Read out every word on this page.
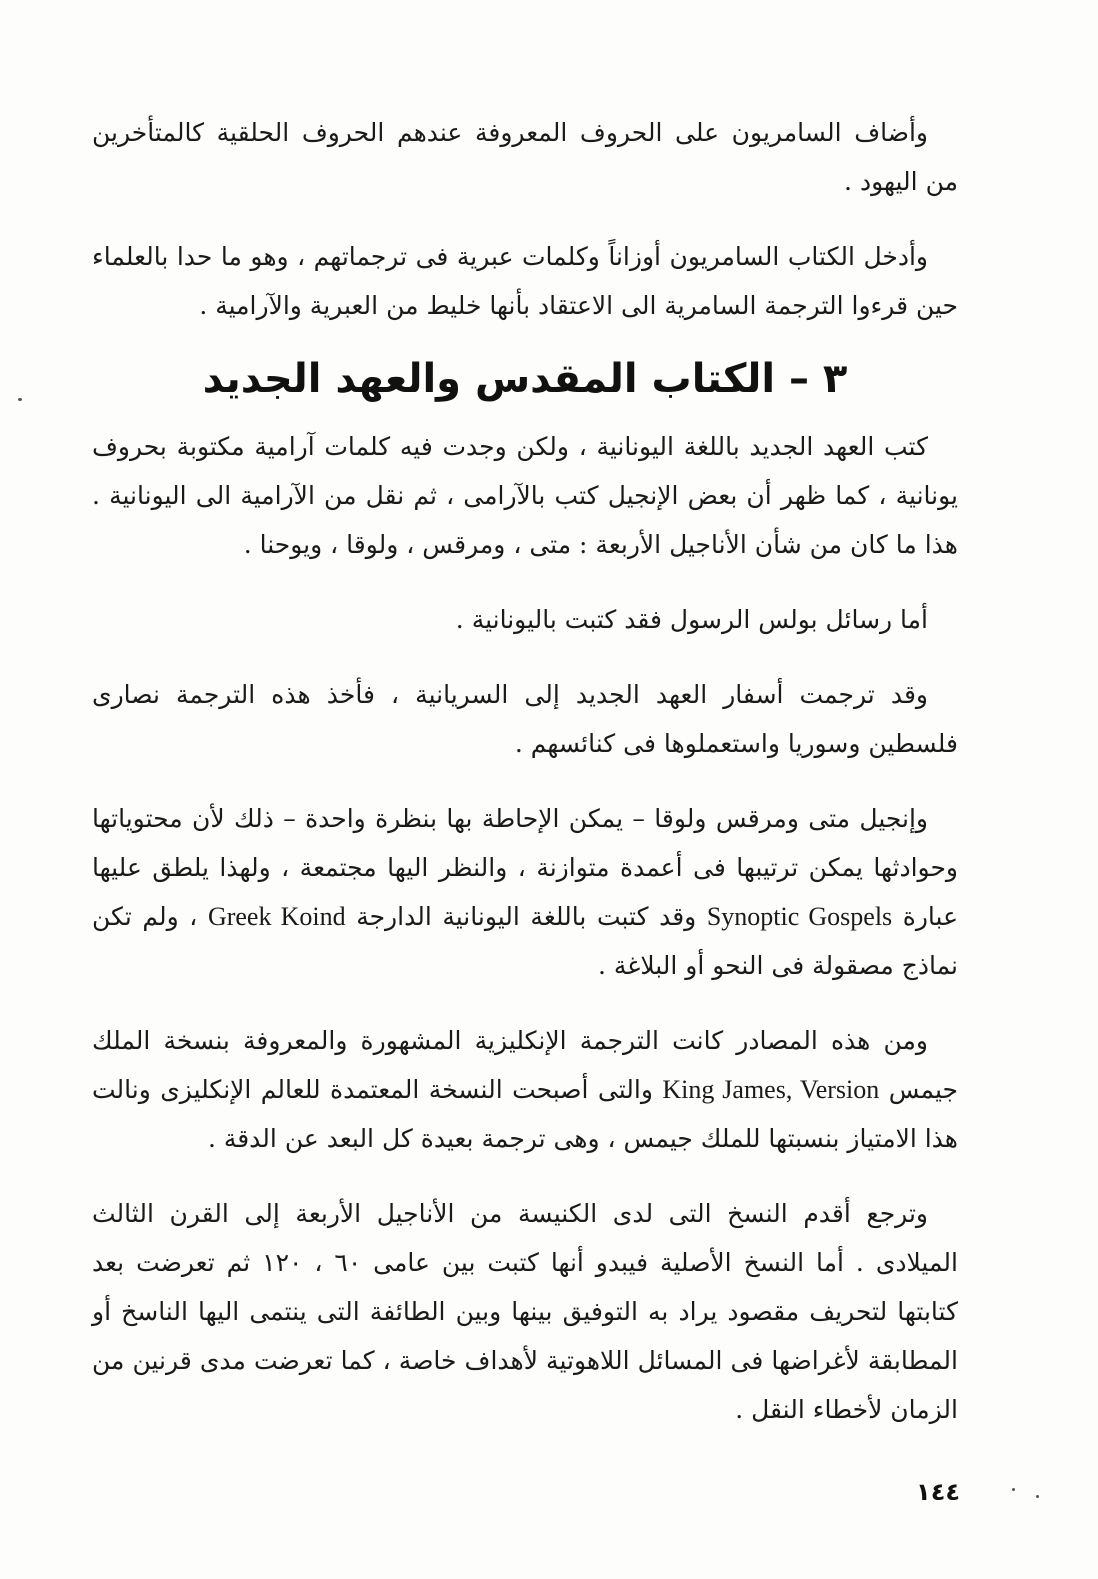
وأضاف السامريون على الحروف المعروفة عندهم الحروف الحلقية كالمتأخرين من اليهود .

وأدخل الكتاب السامريون أوزاناً وكلمات عبرية فى ترجماتهم ، وهو ما حدا بالعلماء حين قرءوا الترجمة السامرية الى الاعتقاد بأنها خليط من العبرية والآرامية .

٣ – الكتاب المقدس والعهد الجديد

كتب العهد الجديد باللغة اليونانية ، ولكن وجدت فيه كلمات آرامية مكتوبة بحروف يونانية ، كما ظهر أن بعض الإنجيل كتب بالآرامى ، ثم نقل من الآرامية الى اليونانية . هذا ما كان من شأن الأناجيل الأربعة : متى ، ومرقس ، ولوقا ، ويوحنا .

أما رسائل بولس الرسول فقد كتبت باليونانية .

وقد ترجمت أسفار العهد الجديد إلى السريانية ، فأخذ هذه الترجمة نصارى فلسطين وسوريا واستعملوها فى كنائسهم .

وإنجيل متى ومرقس ولوقا – يمكن الإحاطة بها بنظرة واحدة – ذلك لأن محتوياتها وحوادثها يمكن ترتيبها فى أعمدة متوازنة ، والنظر اليها مجتمعة ، ولهذا يلطق عليها عبارة Synoptic Gospels وقد كتبت باللغة اليونانية الدارجة Greek Koind ، ولم تكن نماذج مصقولة فى النحو أو البلاغة .

ومن هذه المصادر كانت الترجمة الإنكليزية المشهورة والمعروفة بنسخة الملك جيمس King James, Version والتى أصبحت النسخة المعتمدة للعالم الإنكليزى ونالت هذا الامتياز بنسبتها للملك جيمس ، وهى ترجمة بعيدة كل البعد عن الدقة .

وترجع أقدم النسخ التى لدى الكنيسة من الأناجيل الأربعة إلى القرن الثالث الميلادى . أما النسخ الأصلية فيبدو أنها كتبت بين عامى ٦٠ ، ١٢٠ ثم تعرضت بعد كتابتها لتحريف مقصود يراد به التوفيق بينها وبين الطائفة التى ينتمى اليها الناسخ أو المطابقة لأغراضها فى المسائل اللاهوتية لأهداف خاصة ، كما تعرضت مدى قرنين من الزمان لأخطاء النقل .

١٤٤
